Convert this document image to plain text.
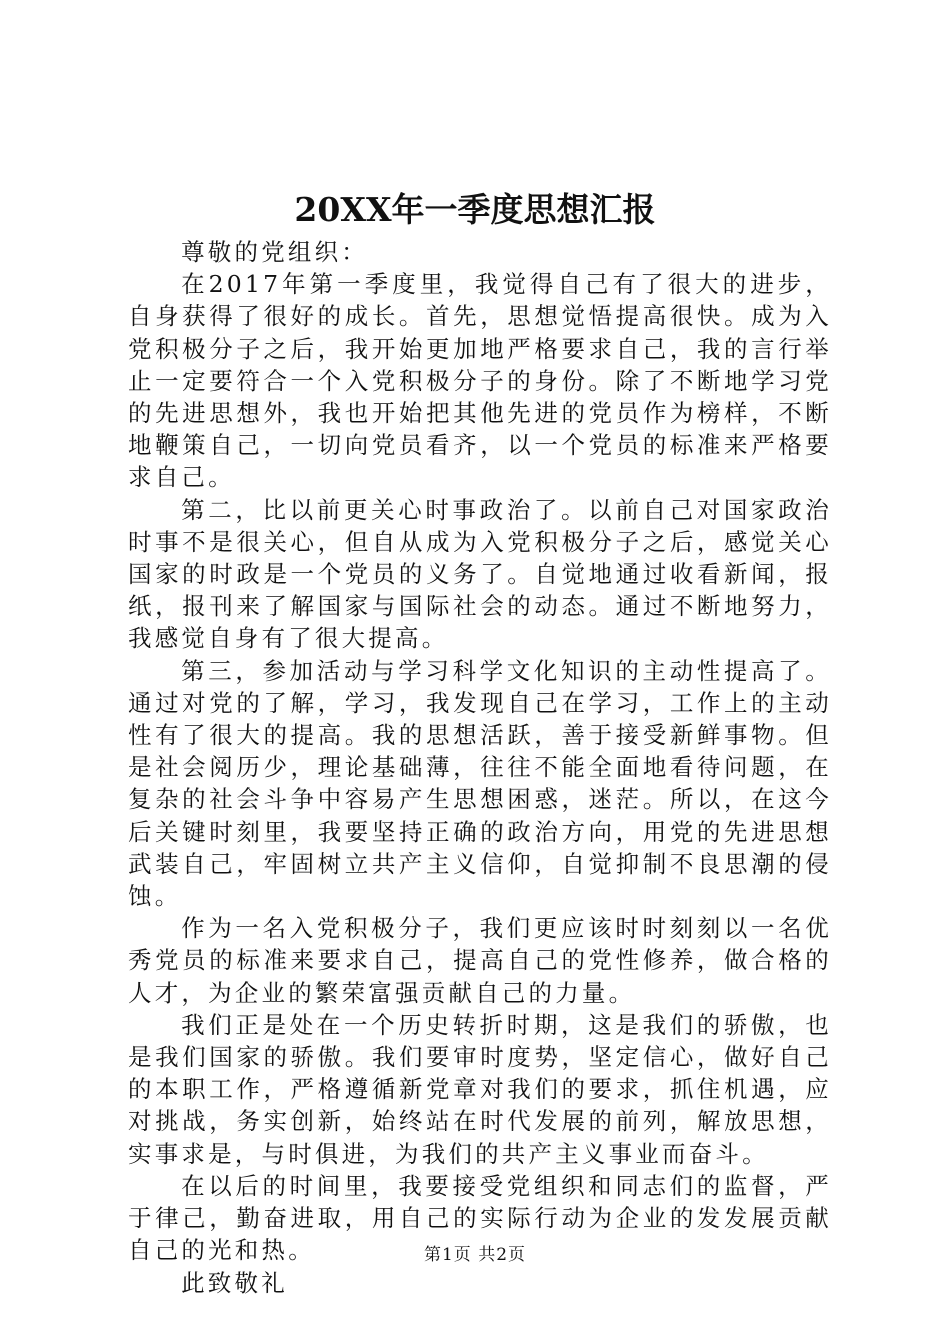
20XX年一季度思想汇报

尊敬的党组织：

在2017年第一季度里，我觉得自己有了很大的进步，自身获得了很好的成长。首先，思想觉悟提高很快。成为入党积极分子之后，我开始更加地严格要求自己，我的言行举止一定要符合一个入党积极分子的身份。除了不断地学习党的先进思想外，我也开始把其他先进的党员作为榜样，不断地鞭策自己，一切向党员看齐，以一个党员的标准来严格要求自己。

第二，比以前更关心时事政治了。以前自己对国家政治时事不是很关心，但自从成为入党积极分子之后，感觉关心国家的时政是一个党员的义务了。自觉地通过收看新闻，报纸，报刊来了解国家与国际社会的动态。通过不断地努力，我感觉自身有了很大提高。

第三，参加活动与学习科学文化知识的主动性提高了。通过对党的了解，学习，我发现自己在学习，工作上的主动性有了很大的提高。我的思想活跃，善于接受新鲜事物。但是社会阅历少，理论基础薄，往往不能全面地看待问题，在复杂的社会斗争中容易产生思想困惑，迷茫。所以，在这今后关键时刻里，我要坚持正确的政治方向，用党的先进思想武装自己，牢固树立共产主义信仰，自觉抑制不良思潮的侵蚀。

作为一名入党积极分子，我们更应该时时刻刻以一名优秀党员的标准来要求自己，提高自己的党性修养，做合格的人才，为企业的繁荣富强贡献自己的力量。

我们正是处在一个历史转折时期，这是我们的骄傲，也是我们国家的骄傲。我们要审时度势，坚定信心，做好自己的本职工作，严格遵循新党章对我们的要求，抓住机遇，应对挑战，务实创新，始终站在时代发展的前列，解放思想，实事求是，与时俱进，为我们的共产主义事业而奋斗。

在以后的时间里，我要接受党组织和同志们的监督，严于律己，勤奋进取，用自己的实际行动为企业的发发展贡献自己的光和热。

此致敬礼

第1页 共2页
